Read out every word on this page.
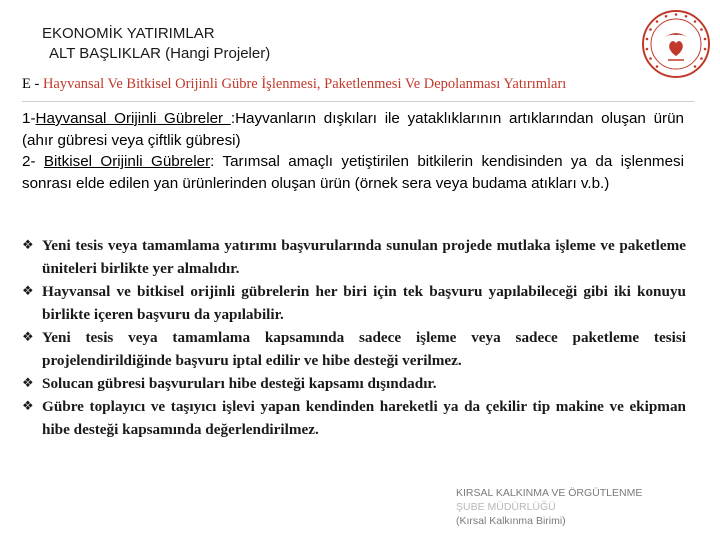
EKONOMİK YATIRIMLAR
ALT BAŞLIKLAR (Hangi Projeler)
E - Hayvansal Ve Bitkisel Orijinli Gübre İşlenmesi, Paketlenmesi Ve Depolanması Yatırımları

1-Hayvansal Orijinli Gübreler :Hayvanların dışkıları ile yataklıklarının artıklarından oluşan ürün (ahır gübresi veya çiftlik gübresi)

2- Bitkisel Orijinli Gübreler: Tarımsal amaçlı yetiştirilen bitkilerin kendisinden ya da işlenmesi sonrası elde edilen yan ürünlerinden oluşan ürün (örnek sera veya budama atıkları v.b.)

❖ Yeni tesis veya tamamlama yatırımı başvurularında sunulan projede mutlaka işleme ve paketleme üniteleri birlikte yer almalıdır.
❖ Hayvansal ve bitkisel orijinli gübrelerin her biri için tek başvuru yapılabileceği gibi iki konuyu birlikte içeren başvuru da yapılabilir.
❖ Yeni tesis veya tamamlama kapsamında sadece işleme veya sadece paketleme tesisi projelendirildiğinde başvuru iptal edilir ve hibe desteği verilmez.
❖ Solucan gübresi başvuruları hibe desteği kapsamı dışındadır.
❖ Gübre toplayıcı ve taşıyıcı işlevi yapan kendinden hareketli ya da çekilir tip makine ve ekipman hibe desteği kapsamında değerlendirilmez.
KIRSAL KALKINMA VE ÖRGÜTLENME
ŞUBE MÜDÜRLÜĞÜ
(Kırsal Kalkınma Birimi)
